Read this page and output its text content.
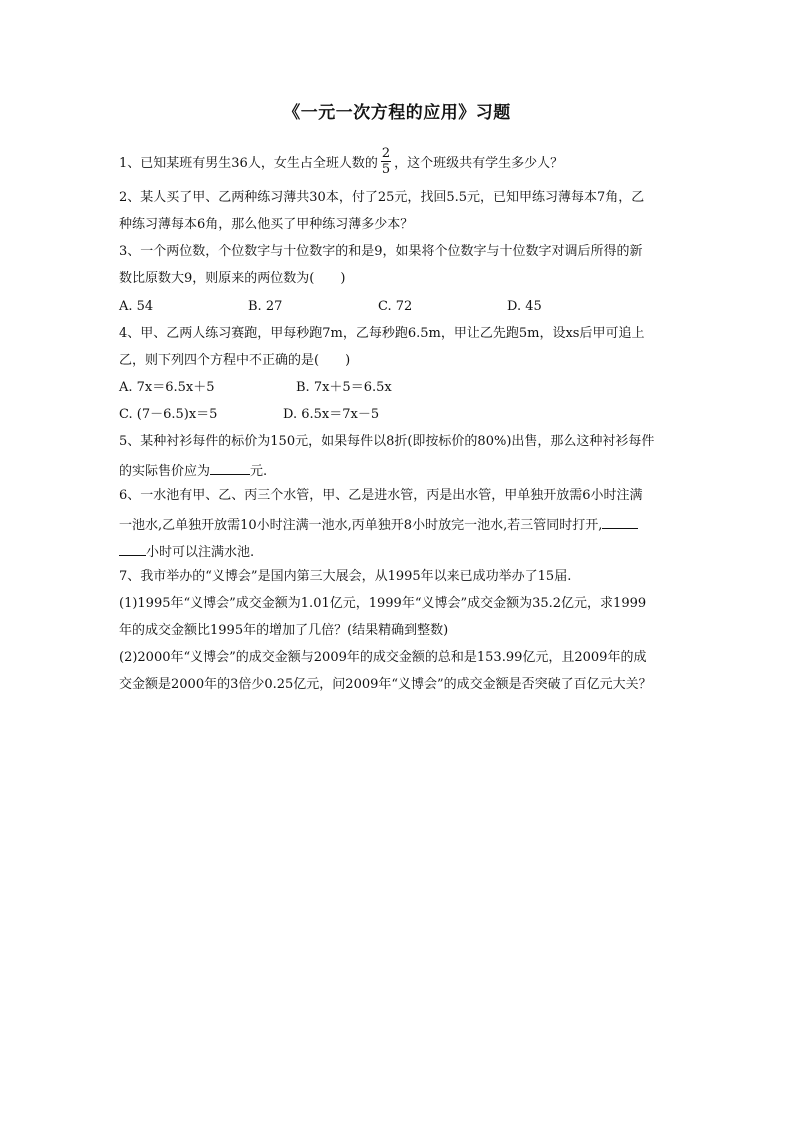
《一元一次方程的应用》习题
1、已知某班有男生36人，女生占全班人数的 $\frac{2}{5}$ ，这个班级共有学生多少人？
2、某人买了甲、乙两种练习薄共30本，付了25元，找回5.5元，已知甲练习薄每本7角，乙
种练习薄每本6角，那么他买了甲种练习薄多少本？
3、一个两位数，个位数字与十位数字的和是9，如果将个位数字与十位数字对调后所得的新
数比原数大9，则原来的两位数为(　　)
A. 54	B. 27	C. 72	D. 45
4、甲、乙两人练习赛跑，甲每秒跑7m，乙每秒跑6.5m，甲让乙先跑5m，设xs后甲可追上
乙，则下列四个方程中不正确的是(　　)
A. 7x＝6.5x＋5	B. 7x＋5＝6.5x
C. (7－6.5)x＝5	D. 6.5x＝7x－5
5、某种衬衫每件的标价为150元，如果每件以8折(即按标价的80%)出售，那么这种衬衫每件
的实际售价应为	元.
6、一水池有甲、乙、丙三个水管，甲、乙是进水管，丙是出水管，甲单独开放需6小时注满
一池水,乙单独开放需10小时注满一池水,丙单独开8小时放完一池水,若三管同时打开,
小时可以注满水池.
7、我市举办的“义博会”是国内第三大展会，从1995年以来已成功举办了15届.
(1)1995年“义博会”成交金额为1.01亿元，1999年“义博会”成交金额为35.2亿元，求1999
年的成交金额比1995年的增加了几倍？(结果精确到整数)
(2)2000年“义博会”的成交金额与2009年的成交金额的总和是153.99亿元，且2009年的成
交金额是2000年的3倍少0.25亿元，问2009年“义博会”的成交金额是否突破了百亿元大关？
